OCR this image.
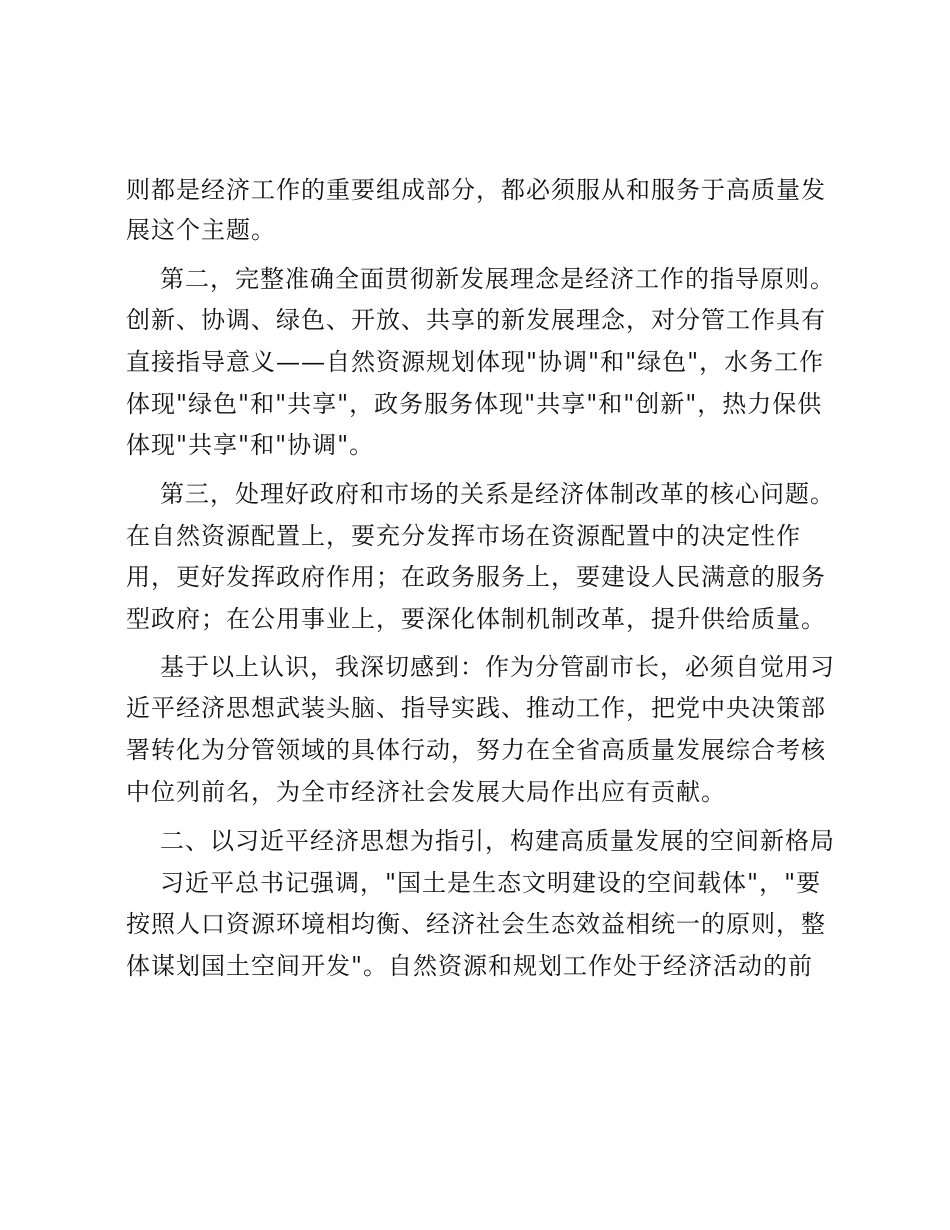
则都是经济工作的重要组成部分，都必须服从和服务于高质量发
展这个主题。
第二，完整准确全面贯彻新发展理念是经济工作的指导原则。
创新、协调、绿色、开放、共享的新发展理念，对分管工作具有
直接指导意义——自然资源规划体现"协调"和"绿色"，水务工作
体现"绿色"和"共享"，政务服务体现"共享"和"创新"，热力保供
体现"共享"和"协调"。
第三，处理好政府和市场的关系是经济体制改革的核心问题。
在自然资源配置上，要充分发挥市场在资源配置中的决定性作
用，更好发挥政府作用；在政务服务上，要建设人民满意的服务
型政府；在公用事业上，要深化体制机制改革，提升供给质量。
基于以上认识，我深切感到：作为分管副市长，必须自觉用习
近平经济思想武装头脑、指导实践、推动工作，把党中央决策部
署转化为分管领域的具体行动，努力在全省高质量发展综合考核
中位列前名，为全市经济社会发展大局作出应有贡献。
二、以习近平经济思想为指引，构建高质量发展的空间新格局
习近平总书记强调，"国土是生态文明建设的空间载体"，"要
按照人口资源环境相均衡、经济社会生态效益相统一的原则，整
体谋划国土空间开发"。自然资源和规划工作处于经济活动的前
